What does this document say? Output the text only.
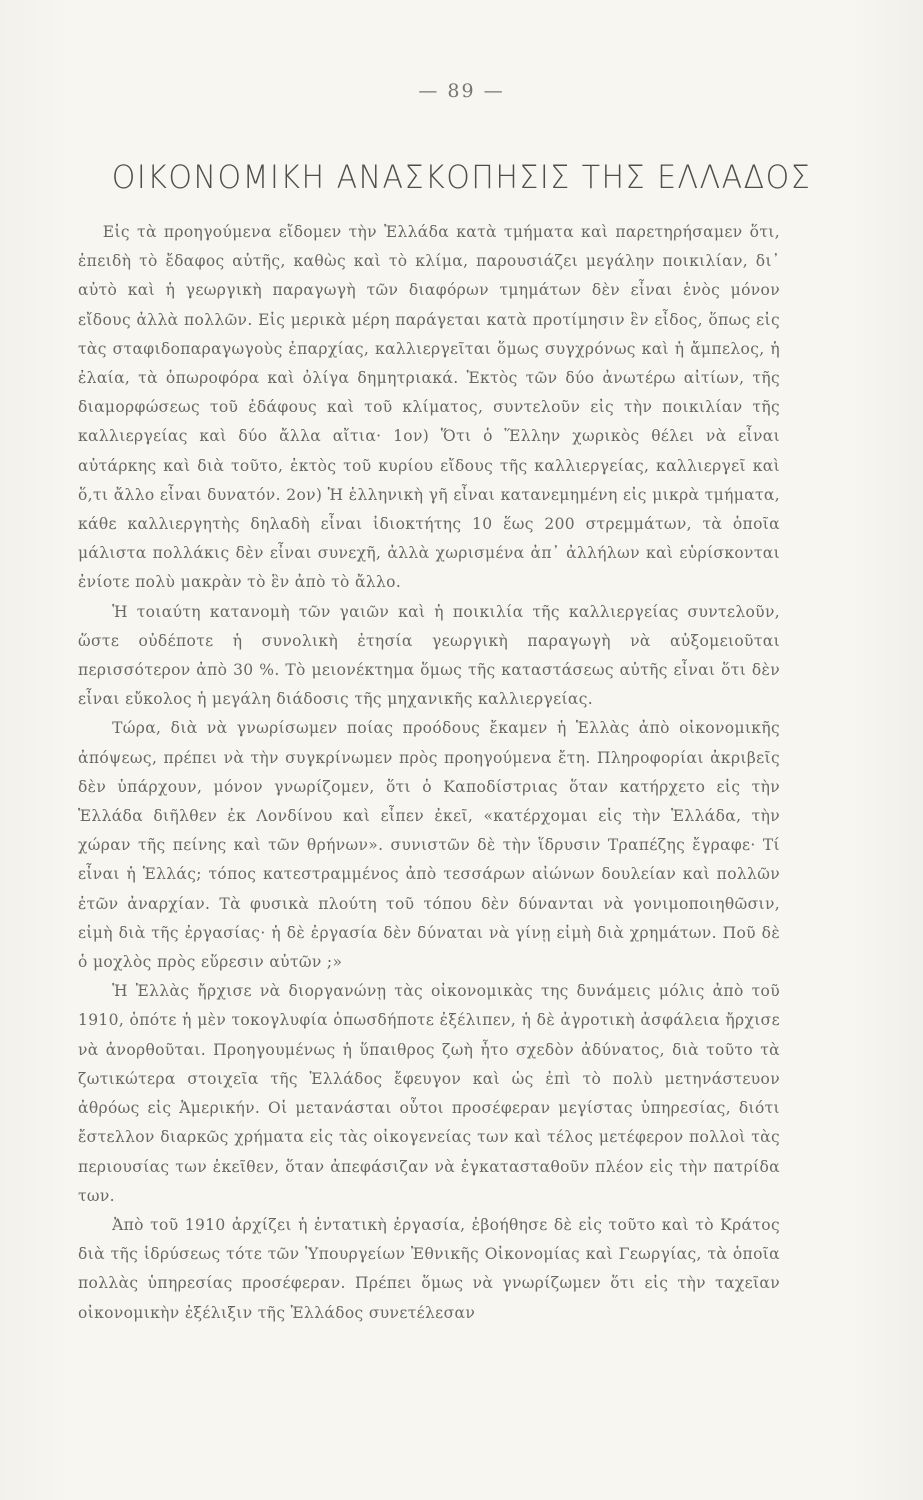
— 89 —
ΟΙΚΟΝΟΜΙΚΗ ΑΝΑΣΚΟΠΗΣΙΣ ΤΗΣ ΕΛΛΑΔΟΣ

Εἰς τὰ προηγούμενα εἴδομεν τὴν Ἑλλάδα κατὰ τμήματα καὶ παρετηρήσαμεν ὅτι, ἐπειδὴ τὸ ἔδαφος αὐτῆς, καθὼς καὶ τὸ κλίμα, παρουσιάζει μεγάλην ποικιλίαν, δι᾽ αὐτὸ καὶ ἡ γεωργικὴ παραγωγὴ τῶν διαφόρων τμημάτων δὲν εἶναι ἑνὸς μόνον εἴδους ἀλλὰ πολλῶν. Εἰς μερικὰ μέρη παράγεται κατὰ προτίμησιν ἓν εἶδος, ὅπως εἰς τὰς σταφιδοπαραγωγοὺς ἐπαρχίας, καλλιεργεῖται ὅμως συγχρόνως καὶ ἡ ἄμπελος, ἡ ἐλαία, τὰ ὀπωροφόρα καὶ ὀλίγα δημητριακά. Ἐκτὸς τῶν δύο ἀνωτέρω αἰτίων, τῆς διαμορφώσεως τοῦ ἐδάφους καὶ τοῦ κλίματος, συντελοῦν εἰς τὴν ποικιλίαν τῆς καλλιεργείας καὶ δύο ἄλλα αἴτια· 1ον) Ὅτι ὁ Ἕλλην χωρικὸς θέλει νὰ εἶναι αὐτάρκης καὶ διὰ τοῦτο, ἐκτὸς τοῦ κυρίου εἴδους τῆς καλλιεργείας, καλλιεργεῖ καὶ ὅ,τι ἄλλο εἶναι δυνατόν. 2ον) Ἡ ἑλληνικὴ γῆ εἶναι κατανεμημένη εἰς μικρὰ τμήματα, κάθε καλλιεργητὴς δηλαδὴ εἶναι ἰδιοκτήτης 10 ἕως 200 στρεμμάτων, τὰ ὁποῖα μάλιστα πολλάκις δὲν εἶναι συνεχῆ, ἀλλὰ χωρισμένα ἀπ᾽ ἀλλήλων καὶ εὑρίσκονται ἐνίοτε πολὺ μακρὰν τὸ ἓν ἀπὸ τὸ ἄλλο.

Ἡ τοιαύτη κατανομὴ τῶν γαιῶν καὶ ἡ ποικιλία τῆς καλλιεργείας συντελοῦν, ὥστε οὐδέποτε ἡ συνολικὴ ἐτησία γεωργικὴ παραγωγὴ νὰ αὐξομειοῦται περισσότερον ἀπὸ 30 %. Τὸ μειονέκτημα ὅμως τῆς καταστάσεως αὐτῆς εἶναι ὅτι δὲν εἶναι εὔκολος ἡ μεγάλη διάδοσις τῆς μηχανικῆς καλλιεργείας.

Τώρα, διὰ νὰ γνωρίσωμεν ποίας προόδους ἔκαμεν ἡ Ἑλλὰς ἀπὸ οἰκονομικῆς ἀπόψεως, πρέπει νὰ τὴν συγκρίνωμεν πρὸς προηγούμενα ἔτη. Πληροφορίαι ἀκριβεῖς δὲν ὑπάρχουν, μόνον γνωρίζομεν, ὅτι ὁ Καποδίστριας ὅταν κατήρχετο εἰς τὴν Ἑλλάδα διῆλθεν ἐκ Λονδίνου καὶ εἶπεν ἐκεῖ, «κατέρχομαι εἰς τὴν Ἑλλάδα, τὴν χώραν τῆς πείνης καὶ τῶν θρήνων». συνιστῶν δὲ τὴν ἵδρυσιν Τραπέζης ἔγραφε· Τί εἶναι ἡ Ἑλλάς; τόπος κατεστραμμένος ἀπὸ τεσσάρων αἰώνων δουλείαν καὶ πολλῶν ἐτῶν ἀναρχίαν. Τὰ φυσικὰ πλούτη τοῦ τόπου δὲν δύνανται νὰ γονιμοποιηθῶσιν, εἰμὴ διὰ τῆς ἐργασίας· ἡ δὲ ἐργασία δὲν δύναται νὰ γίνῃ εἰμὴ διὰ χρημάτων. Ποῦ δὲ ὁ μοχλὸς πρὸς εὕρεσιν αὐτῶν ;»

Ἡ Ἑλλὰς ἤρχισε νὰ διοργανώνῃ τὰς οἰκονομικὰς της δυνάμεις μόλις ἀπὸ τοῦ 1910, ὁπότε ἡ μὲν τοκογλυφία ὁπωσδήποτε ἐξέλιπεν, ἡ δὲ ἀγροτικὴ ἀσφάλεια ἤρχισε νὰ ἀνορθοῦται. Προηγουμένως ἡ ὕπαιθρος ζωὴ ἦτο σχεδὸν ἀδύνατος, διὰ τοῦτο τὰ ζωτικώτερα στοιχεῖα τῆς Ἑλλάδος ἔφευγον καὶ ὡς ἐπὶ τὸ πολὺ μετηνάστευον ἀθρόως εἰς Ἀμερικήν. Οἱ μετανάσται οὗτοι προσέφεραν μεγίστας ὑπηρεσίας, διότι ἔστελλον διαρκῶς χρήματα εἰς τὰς οἰκογενείας των καὶ τέλος μετέφερον πολλοὶ τὰς περιουσίας των ἐκεῖθεν, ὅταν ἀπεφάσιζαν νὰ ἐγκατασταθοῦν πλέον εἰς τὴν πατρίδα των.

Ἀπὸ τοῦ 1910 ἀρχίζει ἡ ἐντατικὴ ἐργασία, ἐβοήθησε δὲ εἰς τοῦτο καὶ τὸ Κράτος διὰ τῆς ἱδρύσεως τότε τῶν Ὑπουργείων Ἐθνικῆς Οἰκονομίας καὶ Γεωργίας, τὰ ὁποῖα πολλὰς ὑπηρεσίας προσέφεραν. Πρέπει ὅμως νὰ γνωρίζωμεν ὅτι εἰς τὴν ταχεῖαν οἰκονομικὴν ἐξέλιξιν τῆς Ἑλλάδος συνετέλεσαν
